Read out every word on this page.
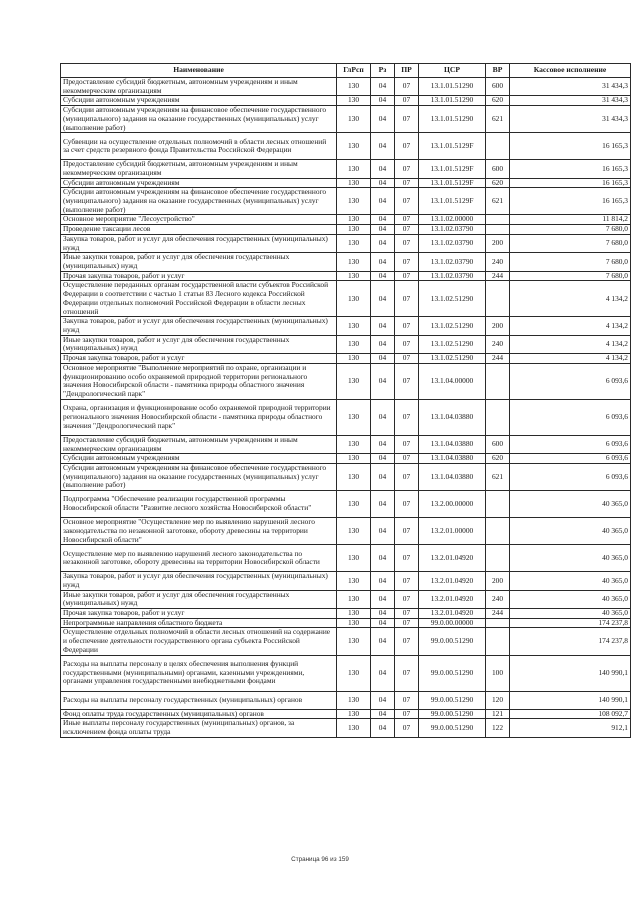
Наименование	ГлРсп	Рз	ПР	ЦСР	ВР	Кассовое исполнение
Предоставление субсидий бюджетным, автономным учреждениям и иным некоммерческим организациям	130	04	07	13.1.01.51290	600	31 434,3
Субсидии автономным учреждениям	130	04	07	13.1.01.51290	620	31 434,3
Субсидии автономным учреждениям на финансовое обеспечение государственного (муниципального) задания на оказание государственных (муниципальных) услуг (выполнение работ)	130	04	07	13.1.01.51290	621	31 434,3
Субвенции на осуществление отдельных полномочий в области лесных отношений за счет средств резервного фонда Правительства Российской Федерации	130	04	07	13.1.01.5129F		16 165,3
Предоставление субсидий бюджетным, автономным учреждениям и иным некоммерческим организациям	130	04	07	13.1.01.5129F	600	16 165,3
Субсидии автономным учреждениям	130	04	07	13.1.01.5129F	620	16 165,3
Субсидии автономным учреждениям на финансовое обеспечение государственного (муниципального) задания на оказание государственных (муниципальных) услуг (выполнение работ)	130	04	07	13.1.01.5129F	621	16 165,3
Основное мероприятие "Лесоустройство"	130	04	07	13.1.02.00000		11 814,2
Проведение таксации лесов	130	04	07	13.1.02.03790		7 680,0
Закупка товаров, работ и услуг для обеспечения государственных (муниципальных) нужд	130	04	07	13.1.02.03790	200	7 680,0
Иные закупки товаров, работ и услуг для обеспечения государственных (муниципальных) нужд	130	04	07	13.1.02.03790	240	7 680,0
Прочая закупка товаров, работ и услуг	130	04	07	13.1.02.03790	244	7 680,0
Осуществление переданных органам государственной власти субъектов Российской Федерации в соответствии с частью 1 статьи 83 Лесного кодекса Российской Федерации отдельных полномочий Российской Федерации в области лесных отношений	130	04	07	13.1.02.51290		4 134,2
Закупка товаров, работ и услуг для обеспечения государственных (муниципальных) нужд	130	04	07	13.1.02.51290	200	4 134,2
Иные закупки товаров, работ и услуг для обеспечения государственных (муниципальных) нужд	130	04	07	13.1.02.51290	240	4 134,2
Прочая закупка товаров, работ и услуг	130	04	07	13.1.02.51290	244	4 134,2
Основное мероприятие "Выполнение мероприятий по охране, организации и функционированию особо охраняемой природной территории регионального значения Новосибирской области - памятника природы областного значения "Дендрологический парк"	130	04	07	13.1.04.00000		6 093,6
Охрана, организация и функционирование особо охраняемой природной территории регионального значения Новосибирской области - памятника природы областного значения "Дендрологический парк"	130	04	07	13.1.04.03880		6 093,6
Предоставление субсидий бюджетным, автономным учреждениям и иным некоммерческим организациям	130	04	07	13.1.04.03880	600	6 093,6
Субсидии автономным учреждениям	130	04	07	13.1.04.03880	620	6 093,6
Субсидии автономным учреждениям на финансовое обеспечение государственного (муниципального) задания на оказание государственных (муниципальных) услуг (выполнение работ)	130	04	07	13.1.04.03880	621	6 093,6
Подпрограмма "Обеспечение реализации государственной программы Новосибирской области "Развитие лесного хозяйства Новосибирской области"	130	04	07	13.2.00.00000		40 365,0
Основное мероприятие "Осуществление мер по выявлению нарушений лесного законодательства по незаконной заготовке, обороту древесины на территории Новосибирской области"	130	04	07	13.2.01.00000		40 365,0
Осуществление мер по выявлению нарушений лесного законодательства по незаконной заготовке, обороту древесины на территории Новосибирской области	130	04	07	13.2.01.04920		40 365,0
Закупка товаров, работ и услуг для обеспечения государственных (муниципальных) нужд	130	04	07	13.2.01.04920	200	40 365,0
Иные закупки товаров, работ и услуг для обеспечения государственных (муниципальных) нужд	130	04	07	13.2.01.04920	240	40 365,0
Прочая закупка товаров, работ и услуг	130	04	07	13.2.01.04920	244	40 365,0
Непрограммные направления областного бюджета	130	04	07	99.0.00.00000		174 237,8
Осуществление отдельных полномочий в области лесных отношений на содержание и обеспечение деятельности государственного органа субъекта Российской Федерации	130	04	07	99.0.00.51290		174 237,8
Расходы на выплаты персоналу в целях обеспечения выполнения функций государственными (муниципальными) органами, казенными учреждениями, органами управления государственными внебюджетными фондами	130	04	07	99.0.00.51290	100	140 990,1
Расходы на выплаты персоналу государственных (муниципальных) органов	130	04	07	99.0.00.51290	120	140 990,1
Фонд оплаты труда государственных (муниципальных) органов	130	04	07	99.0.00.51290	121	108 092,7
Иные выплаты персоналу государственных (муниципальных) органов, за исключением фонда оплаты труда	130	04	07	99.0.00.51290	122	912,1
Страница 96 из 159
